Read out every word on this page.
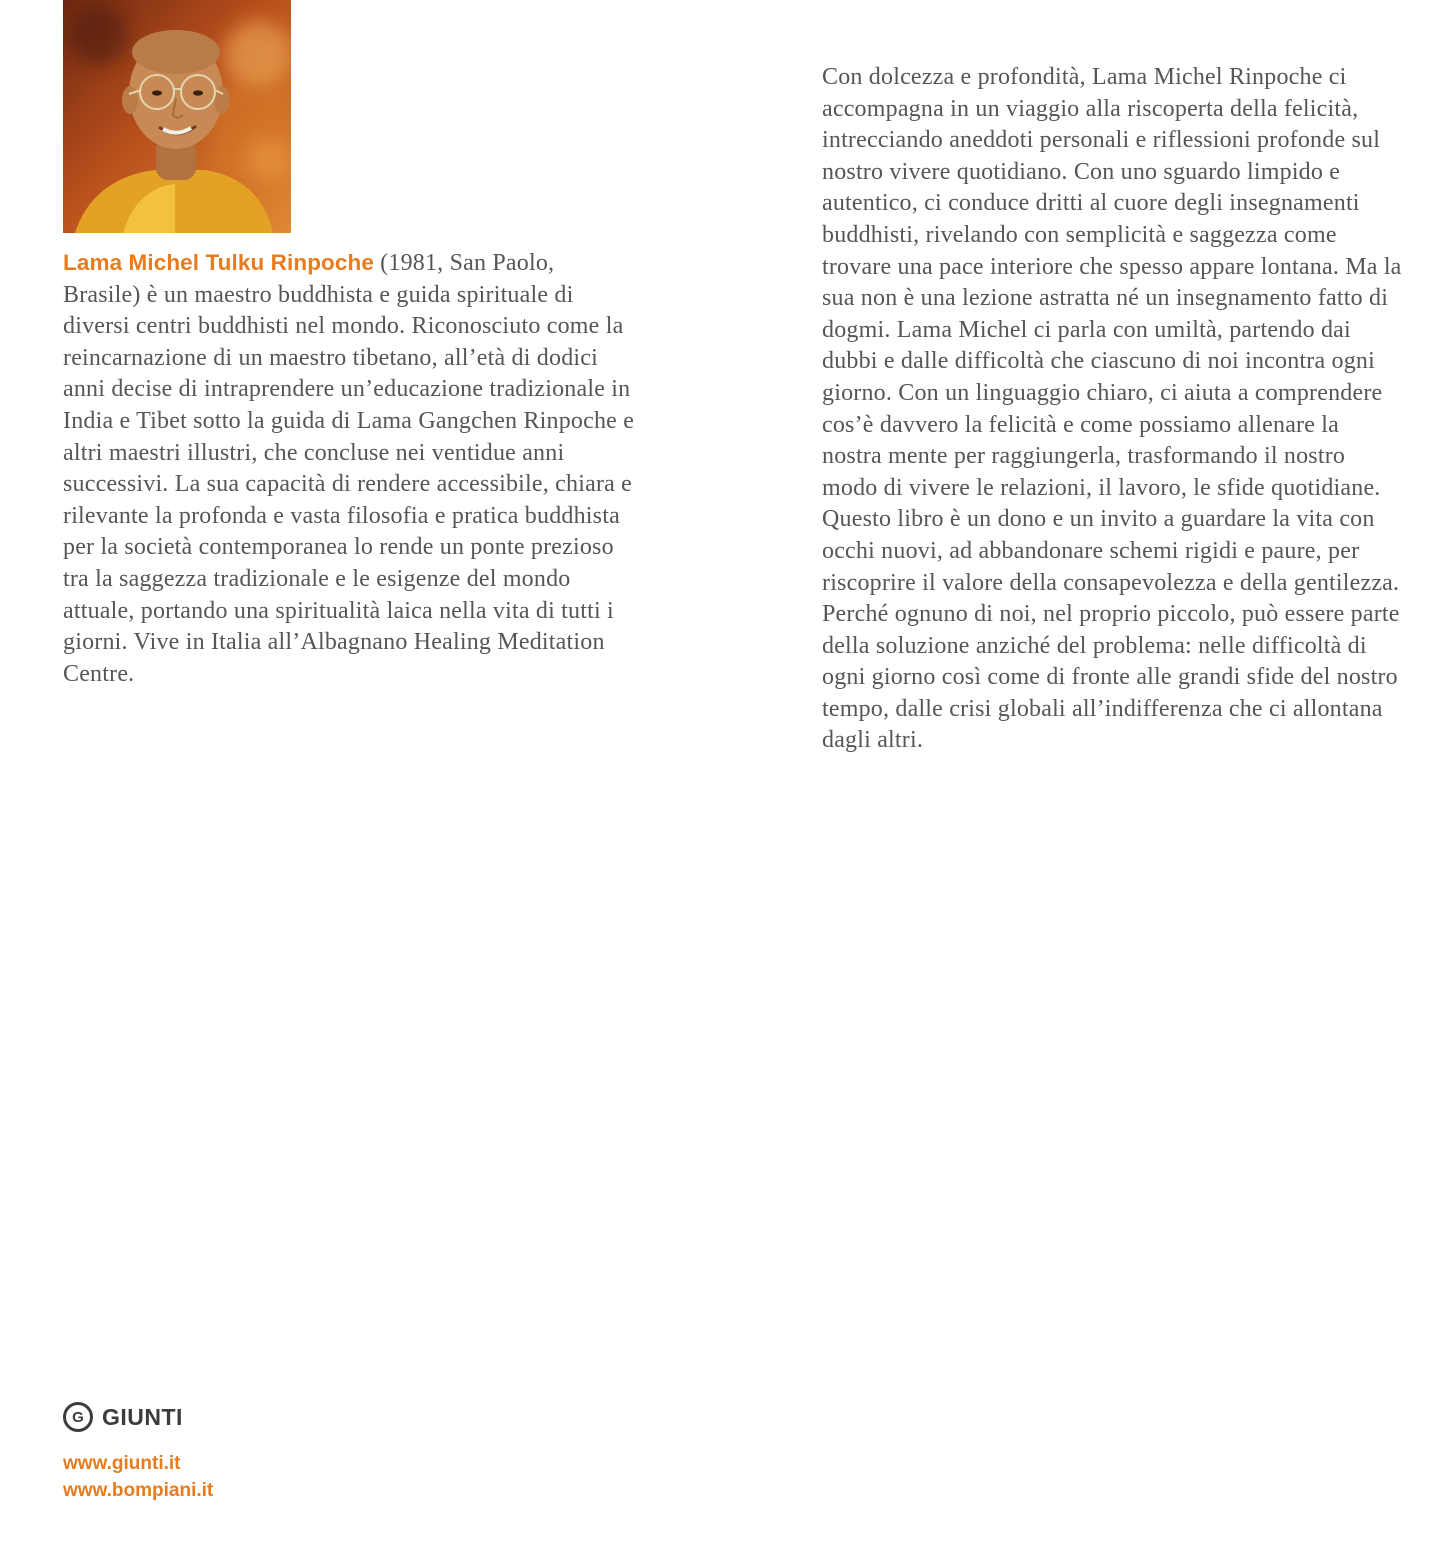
Lama Michel Tulku Rinpoche (1981, San Paolo, Brasile) è un maestro buddhista e guida spirituale di diversi centri buddhisti nel mondo. Riconosciuto come la reincarnazione di un maestro tibetano, all’età di dodici anni decise di intraprendere un’educazione tradizionale in India e Tibet sotto la guida di Lama Gangchen Rinpoche e altri maestri illustri, che concluse nei ventidue anni successivi. La sua capacità di rendere accessibile, chiara e rilevante la profonda e vasta filosofia e pratica buddhista per la società contemporanea lo rende un ponte prezioso tra la saggezza tradizionale e le esigenze del mondo attuale, portando una spiritualità laica nella vita di tutti i giorni. Vive in Italia all’Albagnano Healing Meditation Centre.
Con dolcezza e profondità, Lama Michel Rinpoche ci accompagna in un viaggio alla riscoperta della felicità, intrecciando aneddoti personali e riflessioni profonde sul nostro vivere quotidiano. Con uno sguardo limpido e autentico, ci conduce dritti al cuore degli insegnamenti buddhisti, rivelando con semplicità e saggezza come trovare una pace interiore che spesso appare lontana. Ma la sua non è una lezione astratta né un insegnamento fatto di dogmi. Lama Michel ci parla con umiltà, partendo dai dubbi e dalle difficoltà che ciascuno di noi incontra ogni giorno. Con un linguaggio chiaro, ci aiuta a comprendere cos’è davvero la felicità e come possiamo allenare la nostra mente per raggiungerla, trasformando il nostro modo di vivere le relazioni, il lavoro, le sfide quotidiane. Questo libro è un dono e un invito a guardare la vita con occhi nuovi, ad abbandonare schemi rigidi e paure, per riscoprire il valore della consapevolezza e della gentilezza. Perché ognuno di noi, nel proprio piccolo, può essere parte della soluzione anziché del problema: nelle difficoltà di ogni giorno così come di fronte alle grandi sfide del nostro tempo, dalle crisi globali all’indifferenza che ci allontana dagli altri.
G GIUNTI
www.giunti.it
www.bompiani.it
